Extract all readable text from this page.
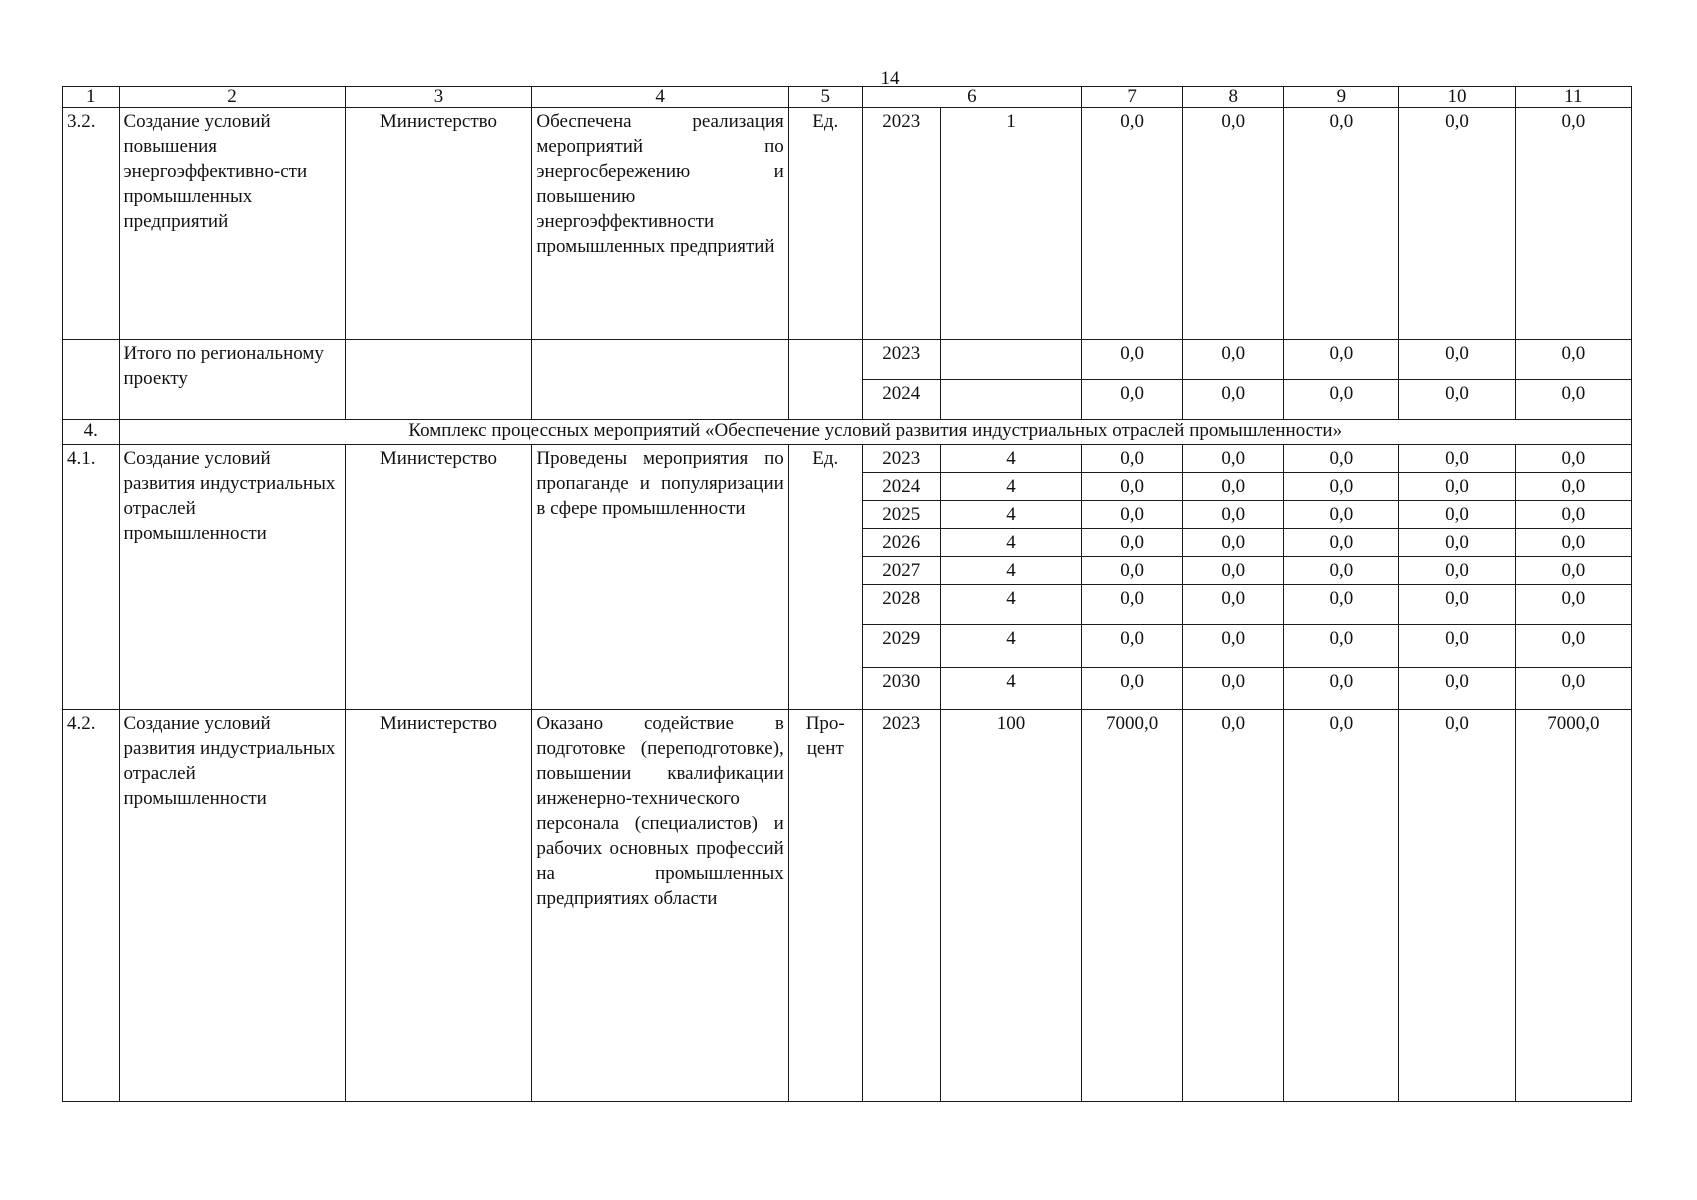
14
1	2	3	4	5	6		7	8	9	10	11
3.2.	Создание условий повышения энергоэффективно-сти промышленных предприятий	Министерство	Обеспечена реализация мероприятий по энергосбережению и повышению энергоэффективности промышленных предприятий	Ед.	2023	1	0,0	0,0	0,0	0,0	0,0
	Итого по региональному проекту				2023		0,0	0,0	0,0	0,0	0,0
					2024		0,0	0,0	0,0	0,0	0,0
4.	Комплекс процессных мероприятий «Обеспечение условий развития индустриальных отраслей промышленности»										
4.1.	Создание условий развития индустриальных отраслей промышленности	Министерство	Проведены мероприятия по пропаганде и популяризации в сфере промышленности	Ед.	2023	4	0,0	0,0	0,0	0,0	0,0
					2024	4	0,0	0,0	0,0	0,0	0,0
					2025	4	0,0	0,0	0,0	0,0	0,0
					2026	4	0,0	0,0	0,0	0,0	0,0
					2027	4	0,0	0,0	0,0	0,0	0,0
					2028	4	0,0	0,0	0,0	0,0	0,0
					2029	4	0,0	0,0	0,0	0,0	0,0
					2030	4	0,0	0,0	0,0	0,0	0,0
4.2.	Создание условий развития индустриальных отраслей промышленности	Министерство	Оказано содействие в подготовке (переподготовке), повышении квалификации инженерно-технического персонала (специалистов) и рабочих основных профессий на промышленных предприятиях области	Про-цент	2023	100	7000,0	0,0	0,0	0,0	7000,0
